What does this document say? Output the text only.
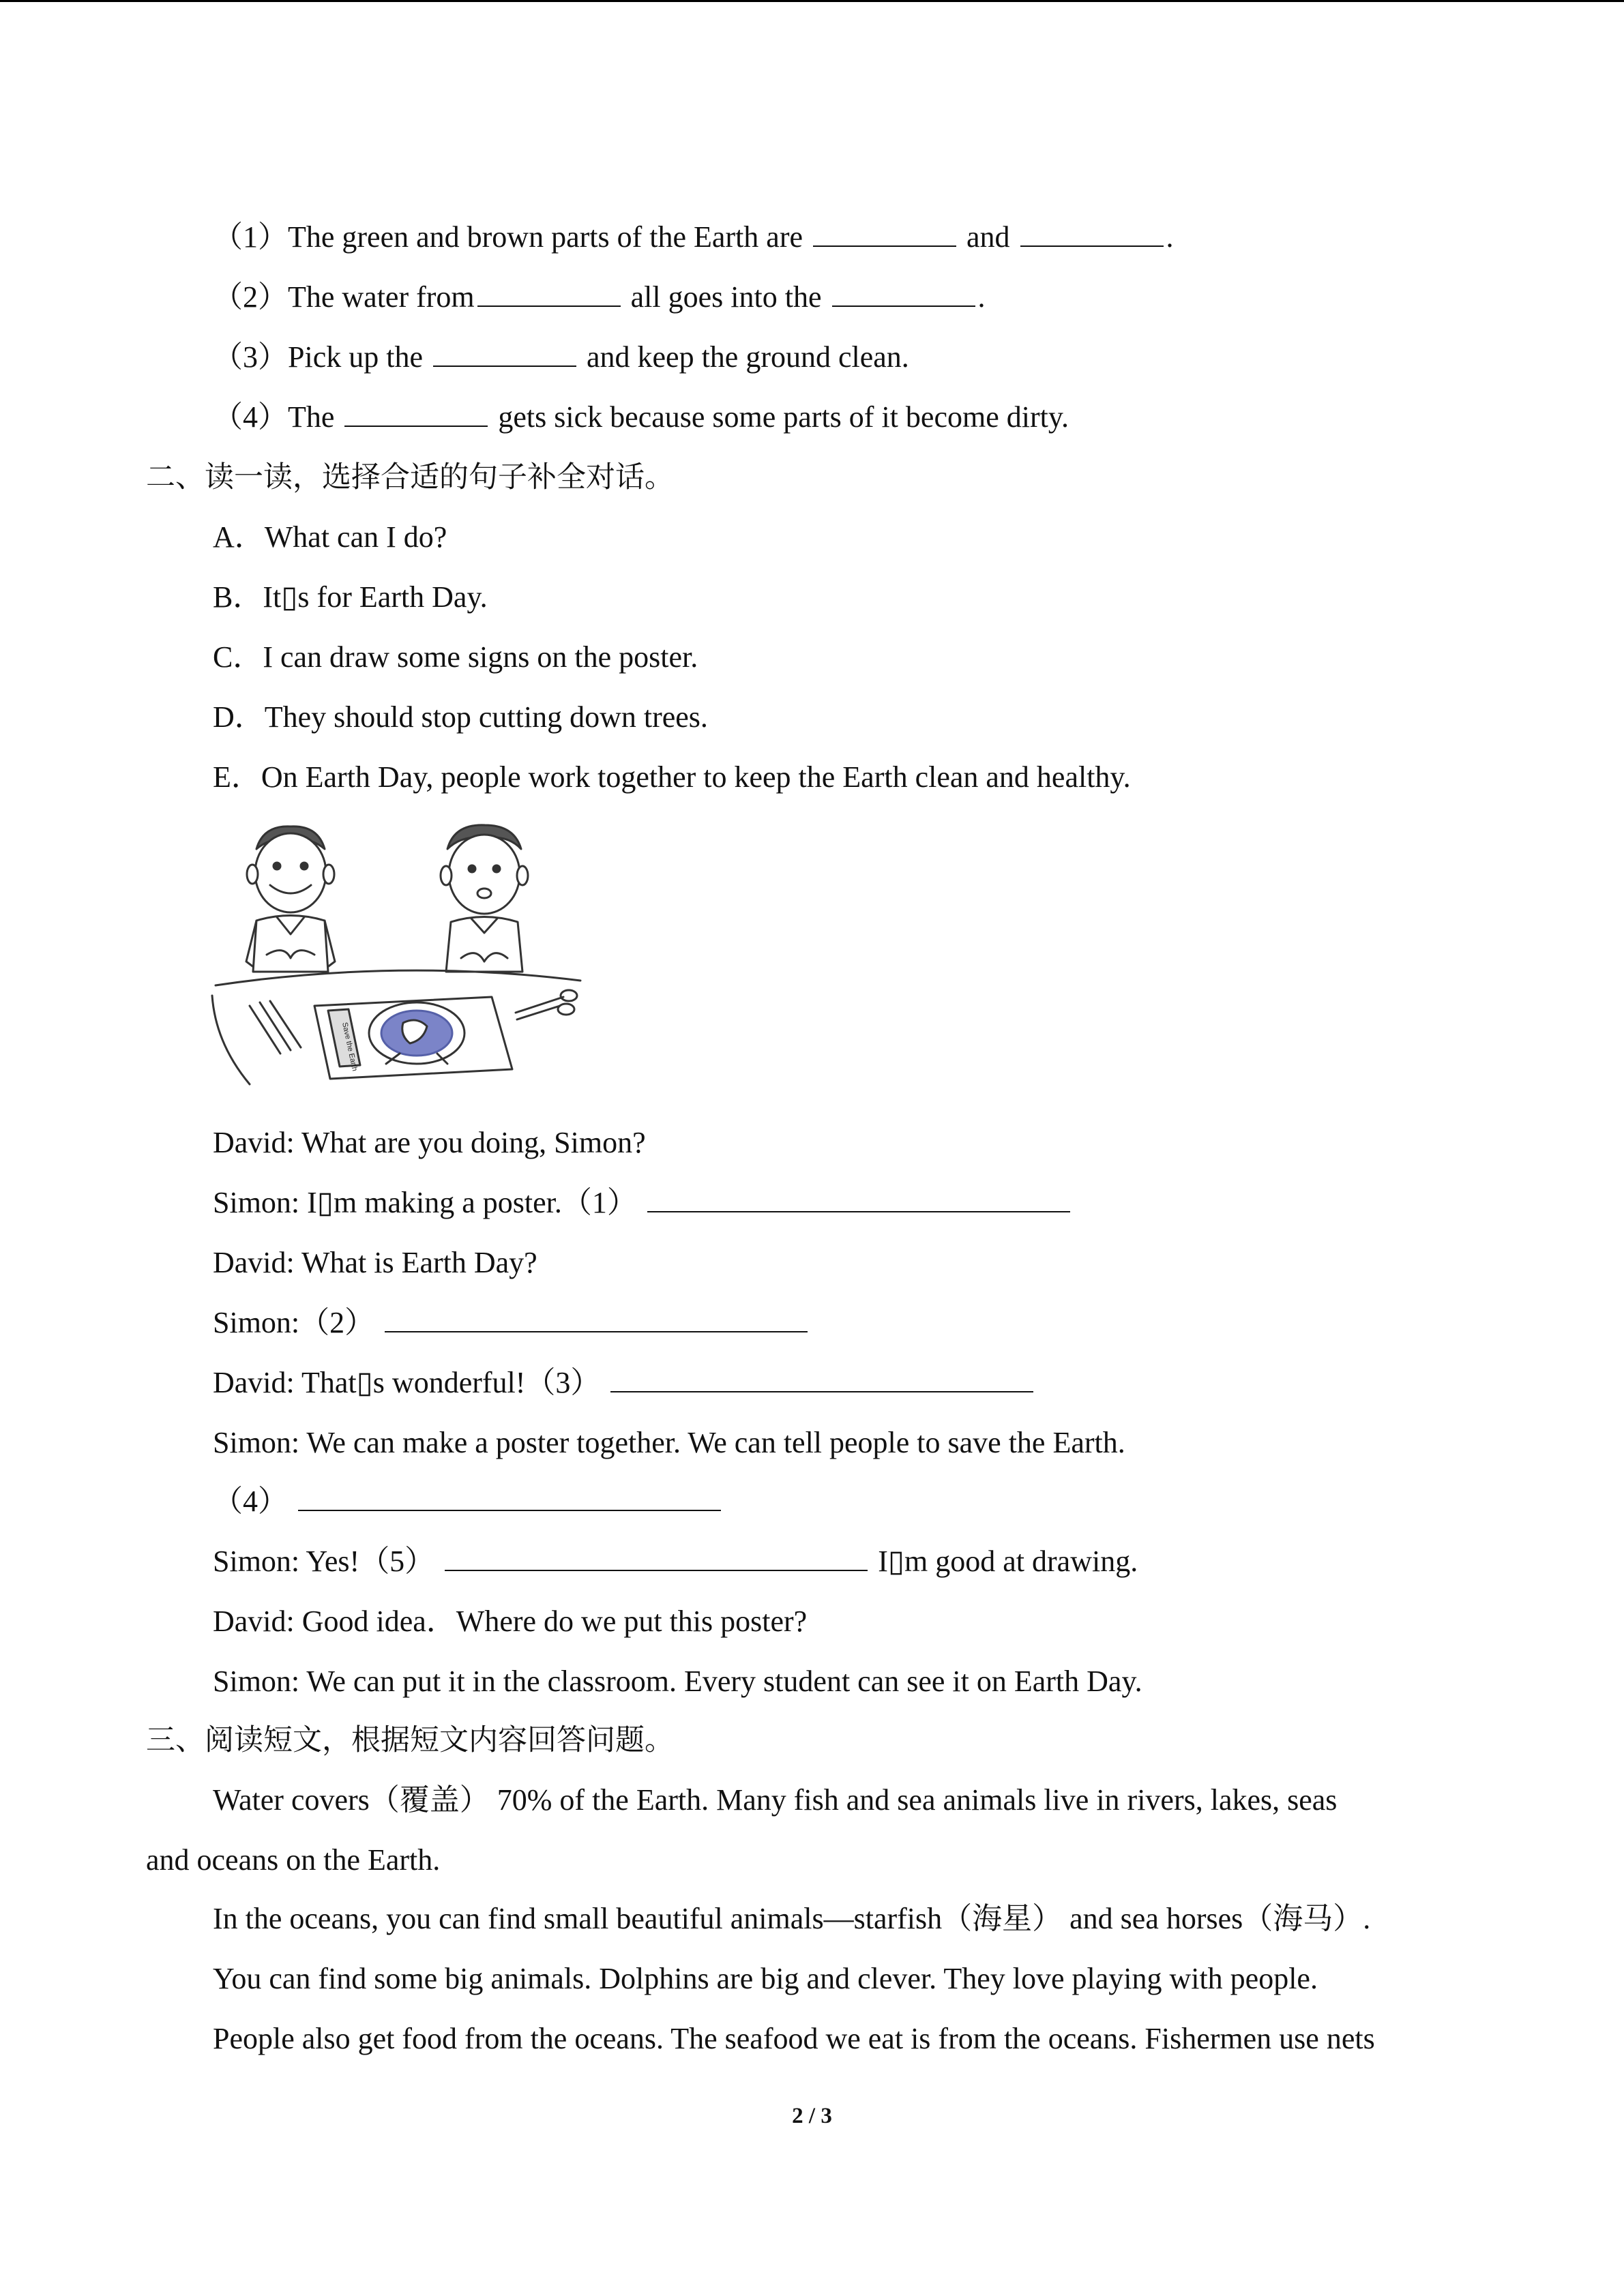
（1）The green and brown parts of the Earth are	and	.
（2）The water from	all goes into the	.
（3）Pick up the	and keep the ground clean.
（4）The	gets sick because some parts of it become dirty.
二、读一读，选择合适的句子补全对话。
A．What can I do?
B．It▯s for Earth Day.
C．I can draw some signs on the poster.
D．They should stop cutting down trees.
E．On Earth Day, people work together to keep the Earth clean and healthy.
Save the Earth
David: What are you doing, Simon?
Simon: I▯m making a poster.（1）
David: What is Earth Day?
Simon:（2）
David: That▯s wonderful!（3）
Simon: We can make a poster together. We can tell people to save the Earth.
（4）
Simon: Yes!（5）	I▯m good at drawing.
David: Good idea．Where do we put this poster?
Simon: We can put it in the classroom. Every student can see it on Earth Day.
三、阅读短文，根据短文内容回答问题。
Water covers（覆盖） 70% of the Earth. Many fish and sea animals live in rivers, lakes, seas
and oceans on the Earth.
In the oceans, you can find small beautiful animals—starfish（海星） and sea horses（海马）.
You can find some big animals. Dolphins are big and clever. They love playing with people.
People also get food from the oceans. The seafood we eat is from the oceans. Fishermen use nets
2 / 3
